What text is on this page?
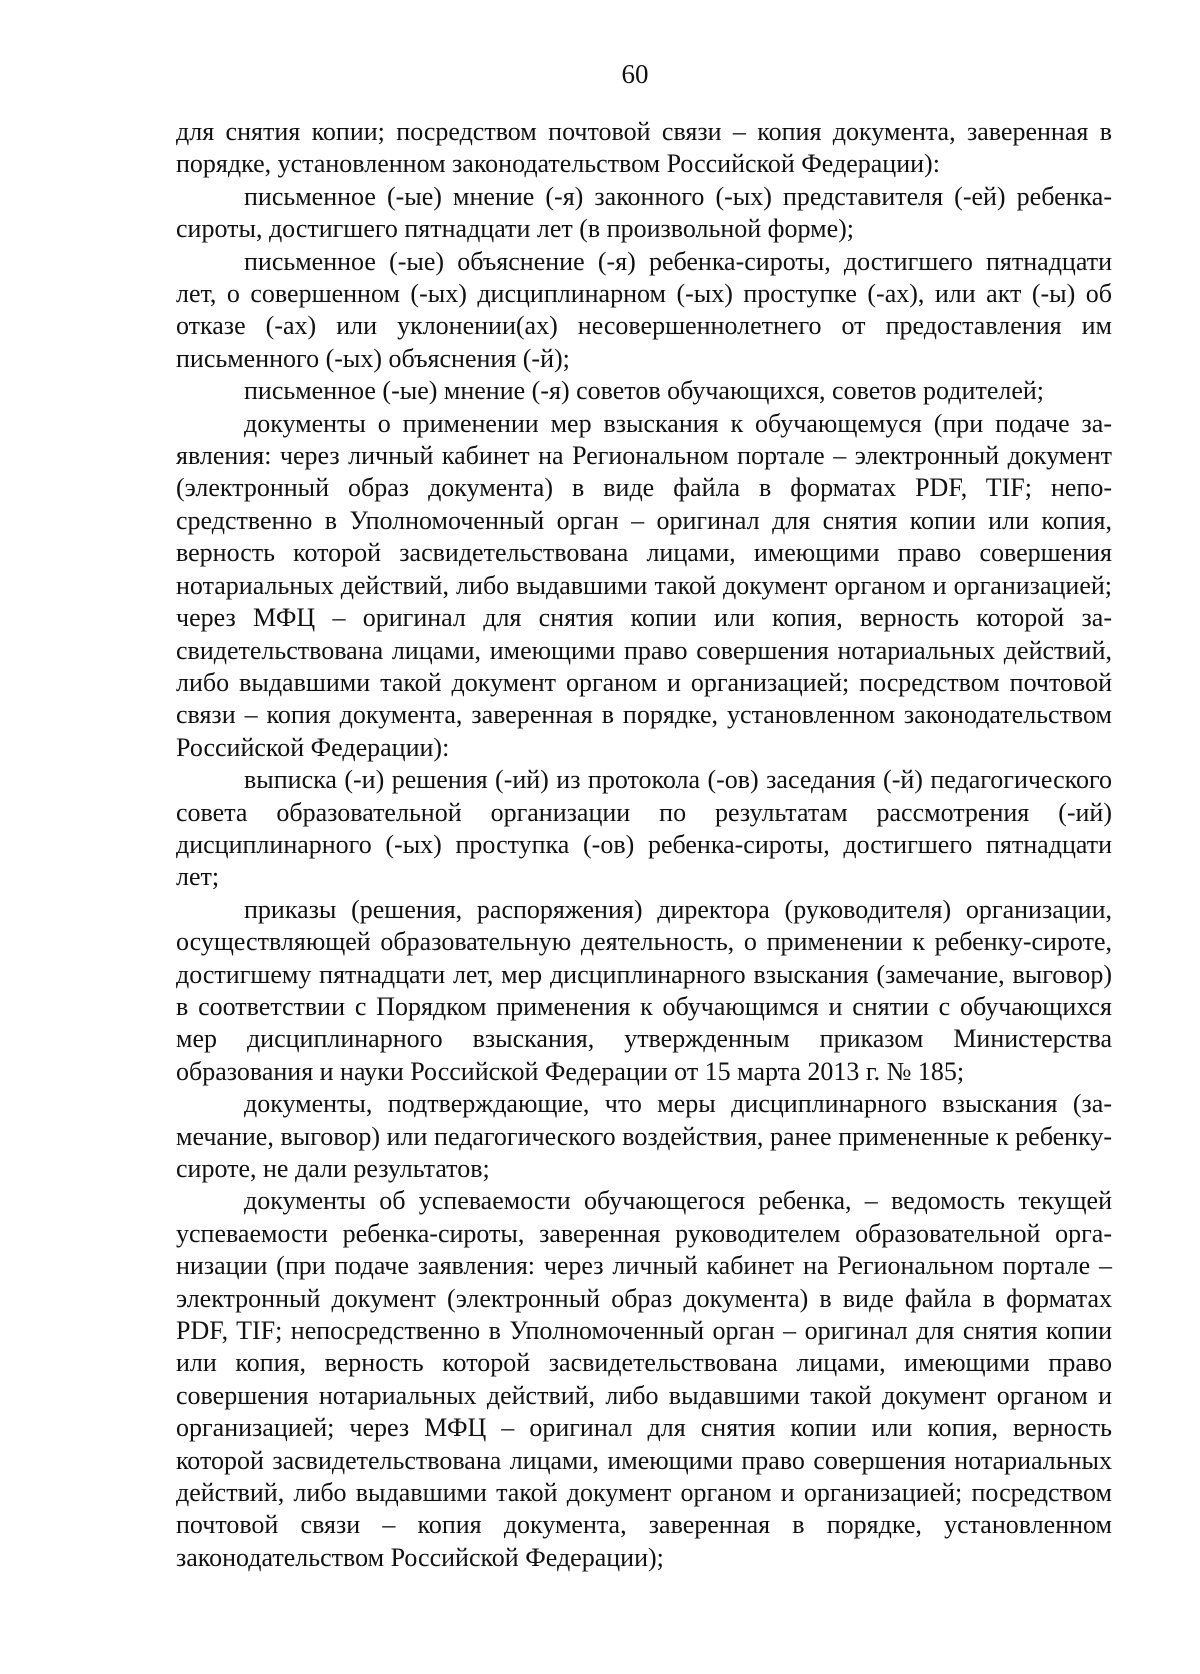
60

для снятия копии; посредством почтовой связи – копия документа, заверенная в порядке, установленном законодательством Российской Федерации):

письменное (-ые) мнение (-я) законного (-ых) представителя (-ей) ребенка-сироты, достигшего пятнадцати лет (в произвольной форме);

письменное (-ые) объяснение (-я) ребенка-сироты, достигшего пятнадцати лет, о совершенном (-ых) дисциплинарном (-ых) проступке (-ах), или акт (-ы) об отказе (-ах) или уклонении(ах) несовершеннолетнего от предоставления им письменного (-ых) объяснения (-й);

письменное (-ые) мнение (-я) советов обучающихся, советов родителей;

документы о применении мер взыскания к обучающемуся (при подаче заявления: через личный кабинет на Региональном портале – электронный документ (электронный образ документа) в виде файла в форматах PDF, TIF; непосредственно в Уполномоченный орган – оригинал для снятия копии или копия, верность которой засвидетельствована лицами, имеющими право совершения нотариальных действий, либо выдавшими такой документ органом и организацией; через МФЦ – оригинал для снятия копии или копия, верность которой засвидетельствована лицами, имеющими право совершения нотариальных действий, либо выдавшими такой документ органом и организацией; посредством почтовой связи – копия документа, заверенная в порядке, установленном законодательством Российской Федерации):

выписка (-и) решения (-ий) из протокола (-ов) заседания (-й) педагогического совета образовательной организации по результатам рассмотрения (-ий) дисциплинарного (-ых) проступка (-ов) ребенка-сироты, достигшего пятнадцати лет;

приказы (решения, распоряжения) директора (руководителя) организации, осуществляющей образовательную деятельность, о применении к ребенку-сироте, достигшему пятнадцати лет, мер дисциплинарного взыскания (замечание, выговор) в соответствии с Порядком применения к обучающимся и снятии с обучающихся мер дисциплинарного взыскания, утвержденным приказом Министерства образования и науки Российской Федерации от 15 марта 2013 г. № 185;

документы, подтверждающие, что меры дисциплинарного взыскания (замечание, выговор) или педагогического воздействия, ранее примененные к ребенку-сироте, не дали результатов;

документы об успеваемости обучающегося ребенка, – ведомость текущей успеваемости ребенка-сироты, заверенная руководителем образовательной организации (при подаче заявления: через личный кабинет на Региональном портале – электронный документ (электронный образ документа) в виде файла в форматах PDF, TIF; непосредственно в Уполномоченный орган – оригинал для снятия копии или копия, верность которой засвидетельствована лицами, имеющими право совершения нотариальных действий, либо выдавшими такой документ органом и организацией; через МФЦ – оригинал для снятия копии или копия, верность которой засвидетельствована лицами, имеющими право совершения нотариальных действий, либо выдавшими такой документ органом и организацией; посредством почтовой связи – копия документа, заверенная в порядке, установленном законодательством Российской Федерации);
